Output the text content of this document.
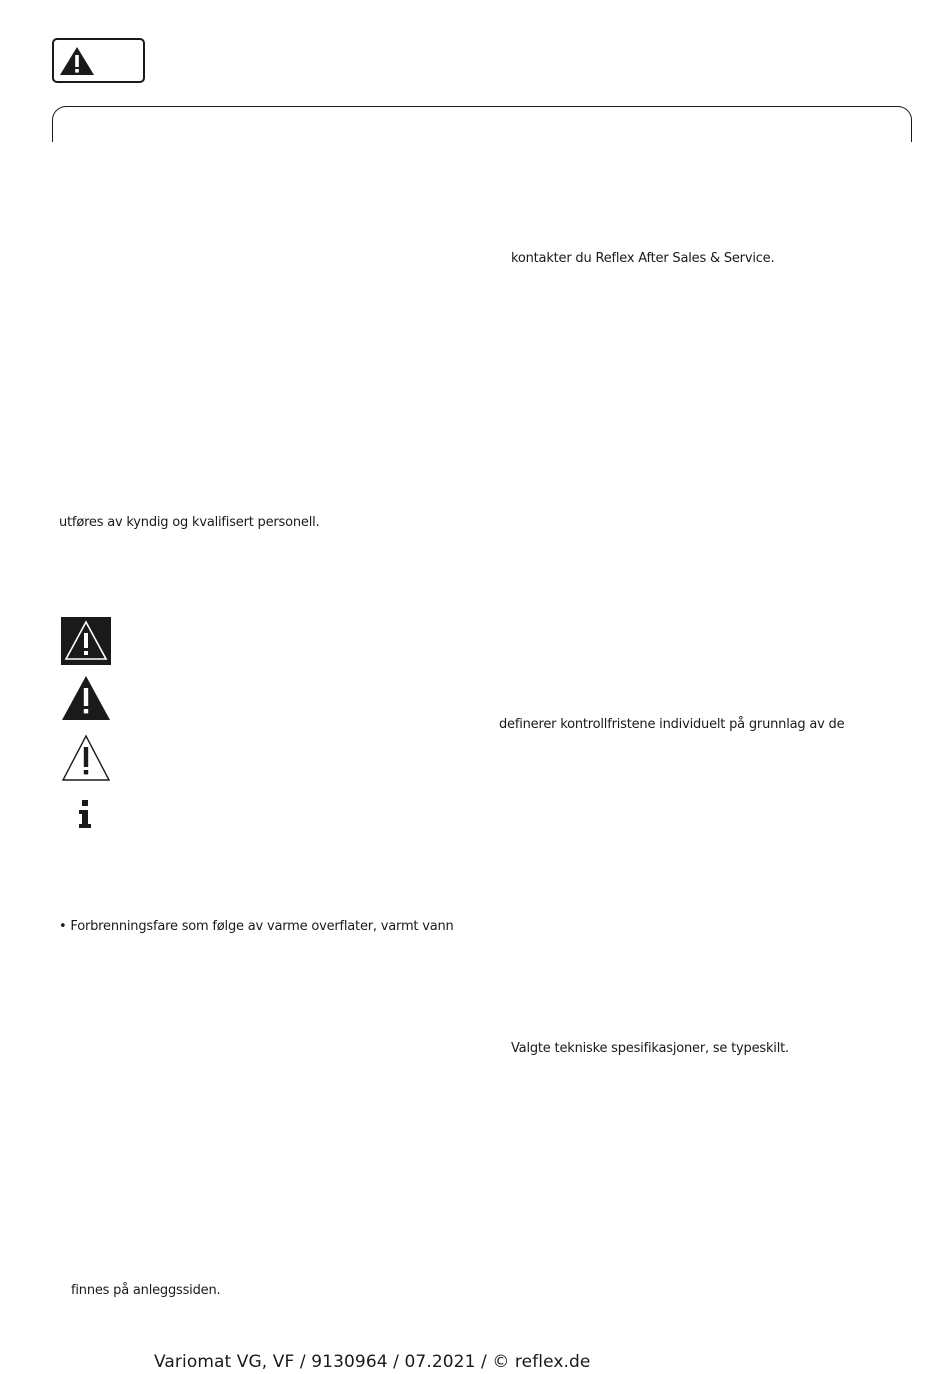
kontakter du Reflex After Sales & Service.
utføres av kyndig og kvalifisert personell.
definerer kontrollfristene individuelt på grunnlag av de
• Forbrenningsfare som følge av varme overflater, varmt vann
Valgte tekniske spesifikasjoner, se typeskilt.
finnes på anleggssiden.
Variomat VG, VF / 9130964 / 07.2021 / © reflex.de
